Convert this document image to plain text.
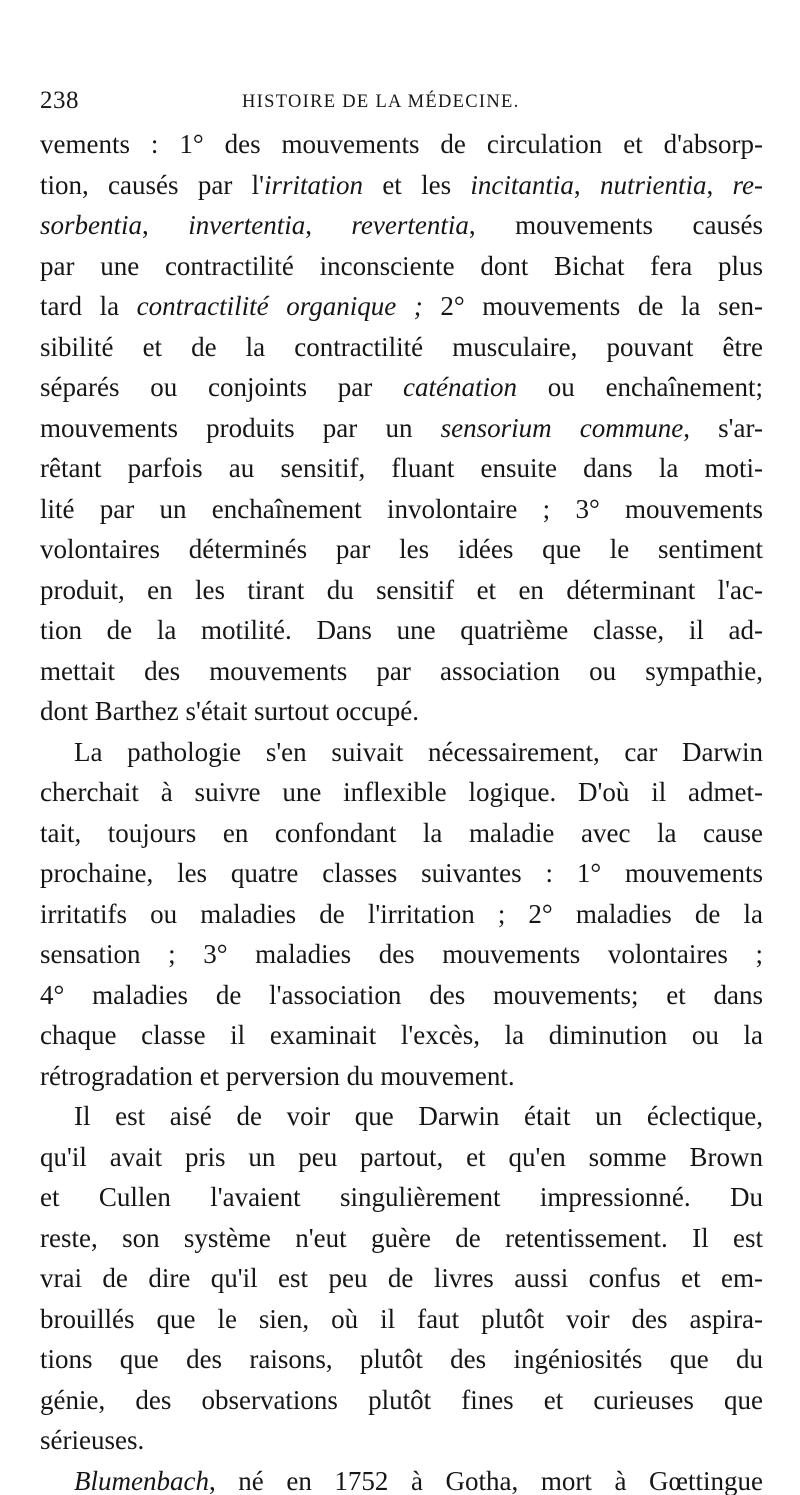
238	HISTOIRE DE LA MÉDECINE.
vements : 1° des mouvements de circulation et d'absorp-
tion, causés par l'irritation et les incitantia, nutrientia, re-
sorbentia, invertentia, revertentia, mouvements causés
par une contractilité inconsciente dont Bichat fera plus
tard la contractilité organique ; 2° mouvements de la sen-
sibilité et de la contractilité musculaire, pouvant être
séparés ou conjoints par caténation ou enchaînement;
mouvements produits par un sensorium commune, s'ar-
rêtant parfois au sensitif, fluant ensuite dans la moti-
lité par un enchaînement involontaire ; 3° mouvements
volontaires déterminés par les idées que le sentiment
produit, en les tirant du sensitif et en déterminant l'ac-
tion de la motilité. Dans une quatrième classe, il ad-
mettait des mouvements par association ou sympathie,
dont Barthez s'était surtout occupé.
La pathologie s'en suivait nécessairement, car Darwin
cherchait à suivre une inflexible logique. D'où il admet-
tait, toujours en confondant la maladie avec la cause
prochaine, les quatre classes suivantes : 1° mouvements
irritatifs ou maladies de l'irritation ; 2° maladies de la
sensation ; 3° maladies des mouvements volontaires ;
4° maladies de l'association des mouvements; et dans
chaque classe il examinait l'excès, la diminution ou la
rétrogradation et perversion du mouvement.
Il est aisé de voir que Darwin était un éclectique,
qu'il avait pris un peu partout, et qu'en somme Brown
et Cullen l'avaient singulièrement impressionné. Du
reste, son système n'eut guère de retentissement. Il est
vrai de dire qu'il est peu de livres aussi confus et em-
brouillés que le sien, où il faut plutôt voir des aspira-
tions que des raisons, plutôt des ingéniosités que du
génie, des observations plutôt fines et curieuses que
sérieuses.
Blumenbach, né en 1752 à Gotha, mort à Gœttingue
